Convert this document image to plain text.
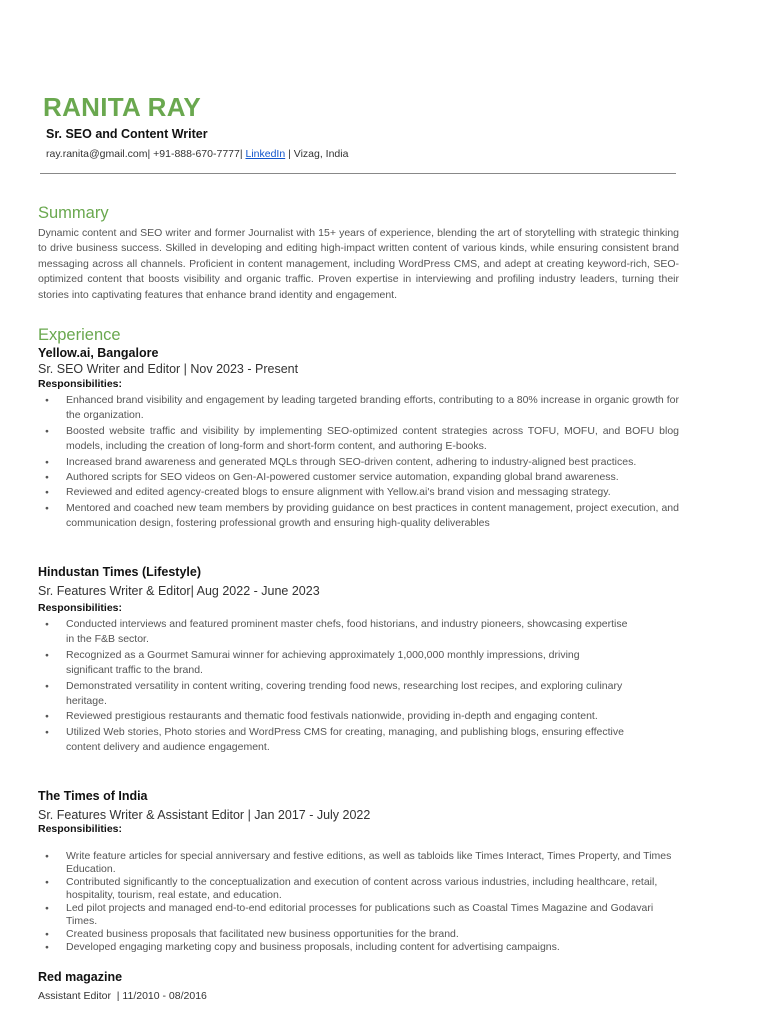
RANITA RAY
Sr. SEO and Content Writer
ray.ranita@gmail.com| +91-888-670-7777| LinkedIn | Vizag, India
Summary
Dynamic content and SEO writer and former Journalist with 15+ years of experience, blending the art of storytelling with strategic thinking to drive business success. Skilled in developing and editing high-impact written content of various kinds, while ensuring consistent brand messaging across all channels. Proficient in content management, including WordPress CMS, and adept at creating keyword-rich, SEO-optimized content that boosts visibility and organic traffic. Proven expertise in interviewing and profiling industry leaders, turning their stories into captivating features that enhance brand identity and engagement.
Experience
Yellow.ai, Bangalore
Sr. SEO Writer and Editor | Nov 2023 - Present
Responsibilities:
● Enhanced brand visibility and engagement by leading targeted branding efforts, contributing to a 80% increase in organic growth for the organization.
● Boosted website traffic and visibility by implementing SEO-optimized content strategies across TOFU, MOFU, and BOFU blog models, including the creation of long-form and short-form content, and authoring E-books.
● Increased brand awareness and generated MQLs through SEO-driven content, adhering to industry-aligned best practices.
● Authored scripts for SEO videos on Gen-AI-powered customer service automation, expanding global brand awareness.
● Reviewed and edited agency-created blogs to ensure alignment with Yellow.ai's brand vision and messaging strategy.
● Mentored and coached new team members by providing guidance on best practices in content management, project execution, and communication design, fostering professional growth and ensuring high-quality deliverables
Hindustan Times (Lifestyle)
Sr. Features Writer & Editor| Aug 2022 - June 2023
Responsibilities:
● Conducted interviews and featured prominent master chefs, food historians, and industry pioneers, showcasing expertise in the F&B sector.
● Recognized as a Gourmet Samurai winner for achieving approximately 1,000,000 monthly impressions, driving significant traffic to the brand.
● Demonstrated versatility in content writing, covering trending food news, researching lost recipes, and exploring culinary heritage.
● Reviewed prestigious restaurants and thematic food festivals nationwide, providing in-depth and engaging content.
● Utilized Web stories, Photo stories and WordPress CMS for creating, managing, and publishing blogs, ensuring effective content delivery and audience engagement.
The Times of India
Sr. Features Writer & Assistant Editor | Jan 2017 - July 2022
Responsibilities:
● Write feature articles for special anniversary and festive editions, as well as tabloids like Times Interact, Times Property, and Times Education.
● Contributed significantly to the conceptualization and execution of content across various industries, including healthcare, retail, hospitality, tourism, real estate, and education.
● Led pilot projects and managed end-to-end editorial processes for publications such as Coastal Times Magazine and Godavari Times.
● Created business proposals that facilitated new business opportunities for the brand.
● Developed engaging marketing copy and business proposals, including content for advertising campaigns.
Red magazine
Assistant Editor  | 11/2010 - 08/2016
